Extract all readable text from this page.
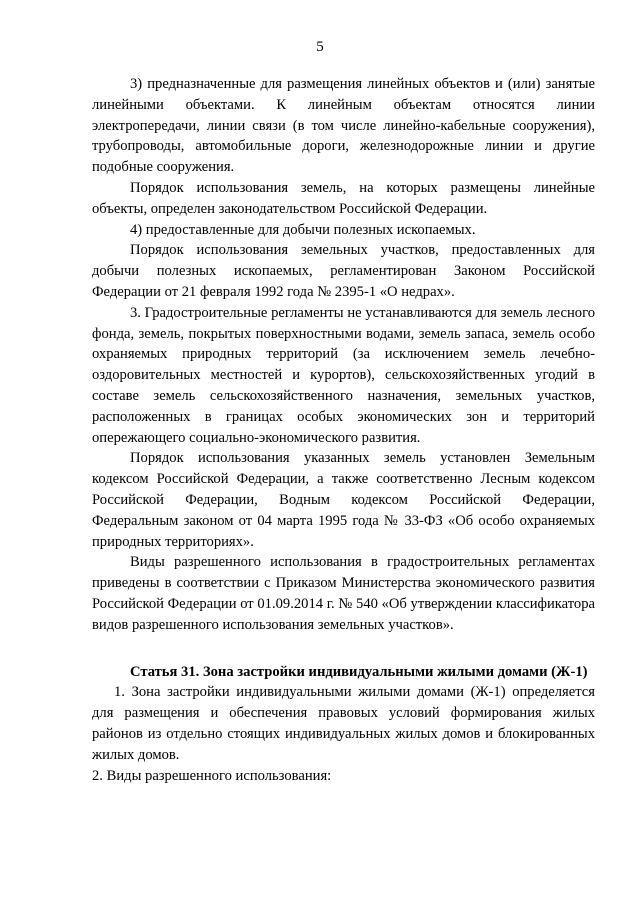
5

3) предназначенные для размещения линейных объектов и (или) занятые линейными объектами. К линейным объектам относятся линии электропередачи, линии связи (в том числе линейно-кабельные сооружения), трубопроводы, автомобильные дороги, железнодорожные линии и другие подобные сооружения.

Порядок использования земель, на которых размещены линейные объекты, определен законодательством Российской Федерации.

4) предоставленные для добычи полезных ископаемых.

Порядок использования земельных участков, предоставленных для добычи полезных ископаемых, регламентирован Законом Российской Федерации от 21 февраля 1992 года № 2395-1 «О недрах».

3. Градостроительные регламенты не устанавливаются для земель лесного фонда, земель, покрытых поверхностными водами, земель запаса, земель особо охраняемых природных территорий (за исключением земель лечебно-оздоровительных местностей и курортов), сельскохозяйственных угодий в составе земель сельскохозяйственного назначения, земельных участков, расположенных в границах особых экономических зон и территорий опережающего социально-экономического развития.

Порядок использования указанных земель установлен Земельным кодексом Российской Федерации, а также соответственно Лесным кодексом Российской Федерации, Водным кодексом Российской Федерации, Федеральным законом от 04 марта 1995 года № 33-ФЗ «Об особо охраняемых природных территориях».

Виды разрешенного использования в градостроительных регламентах приведены в соответствии с Приказом Министерства экономического развития Российской Федерации от 01.09.2014 г. № 540 «Об утверждении классификатора видов разрешенного использования земельных участков».

Статья 31. Зона застройки индивидуальными жилыми домами (Ж-1)

1. Зона застройки индивидуальными жилыми домами (Ж-1) определяется для размещения и обеспечения правовых условий формирования жилых районов из отдельно стоящих индивидуальных жилых домов и блокированных жилых домов.

2. Виды разрешенного использования:
